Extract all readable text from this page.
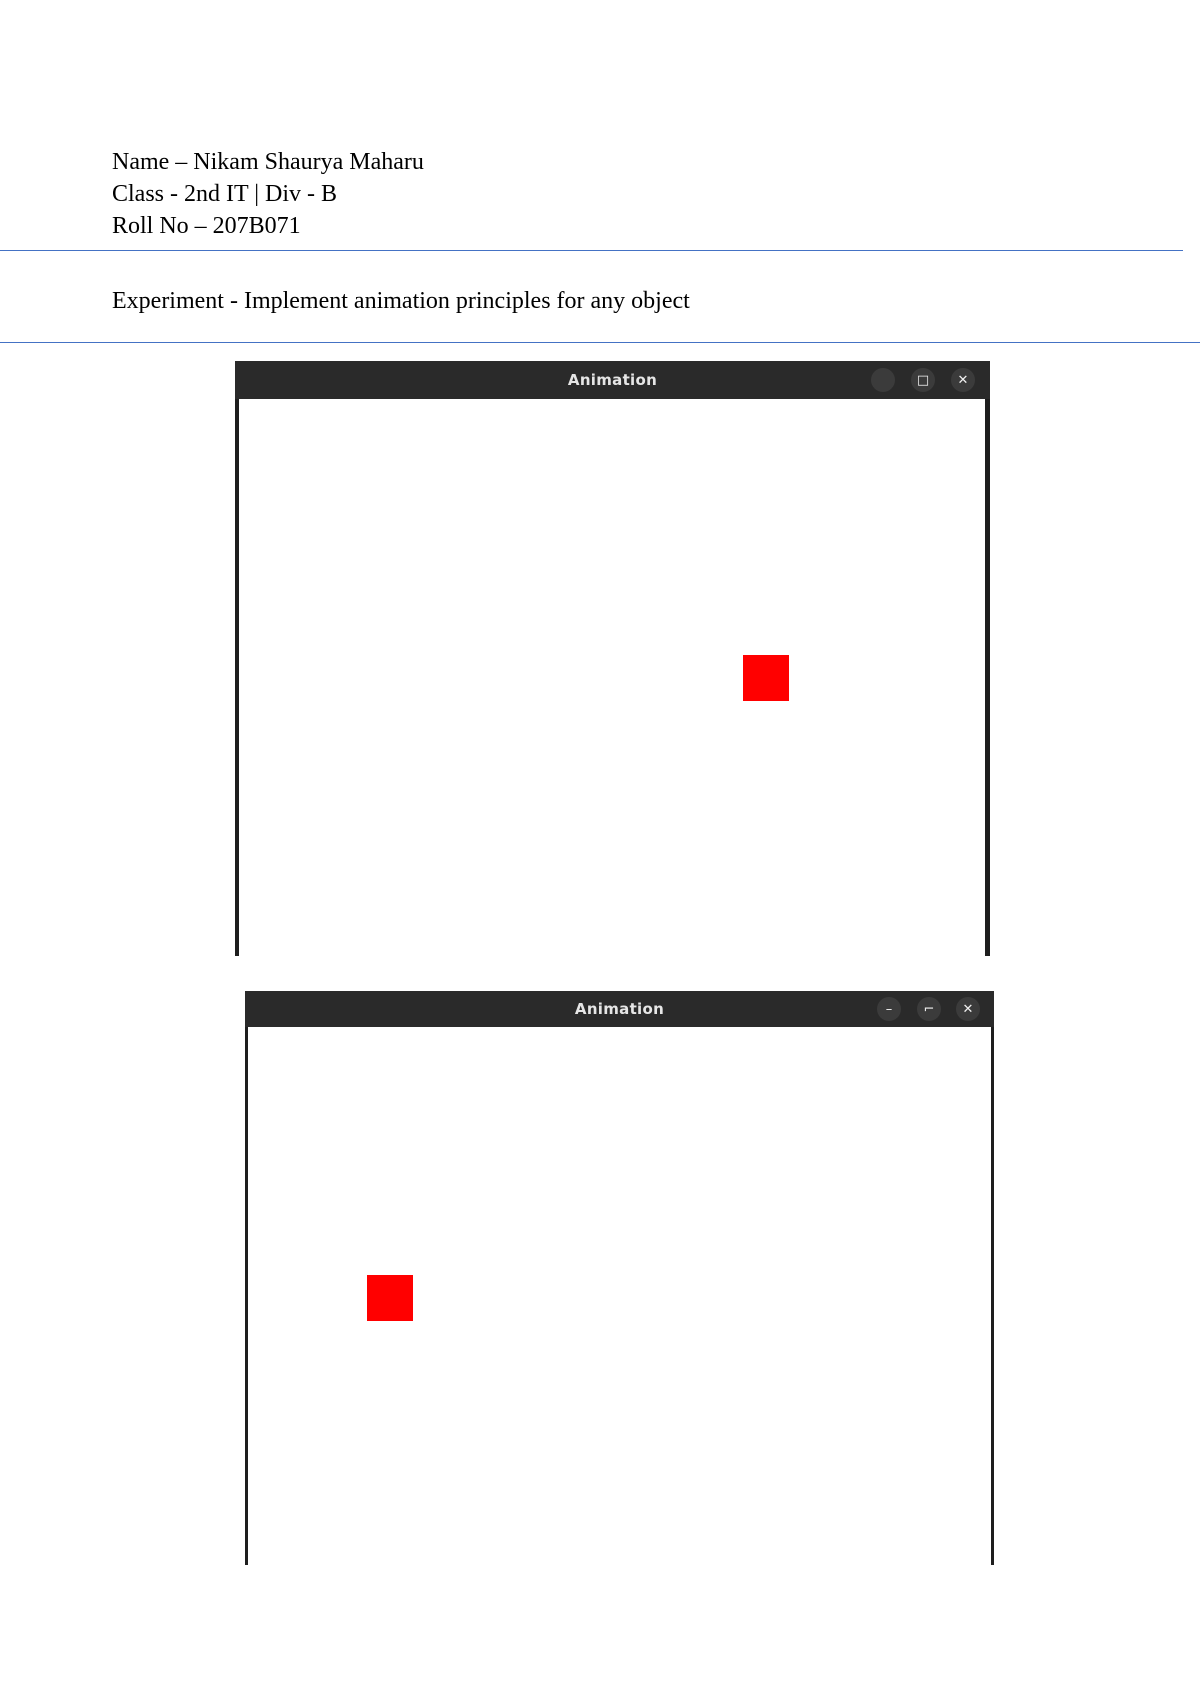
Name – Nikam Shaurya Maharu
Class - 2nd IT | Div - B
Roll No – 207B071
Experiment - Implement animation principles for any object
Animation	□	✕
Animation	–	⌐	✕
